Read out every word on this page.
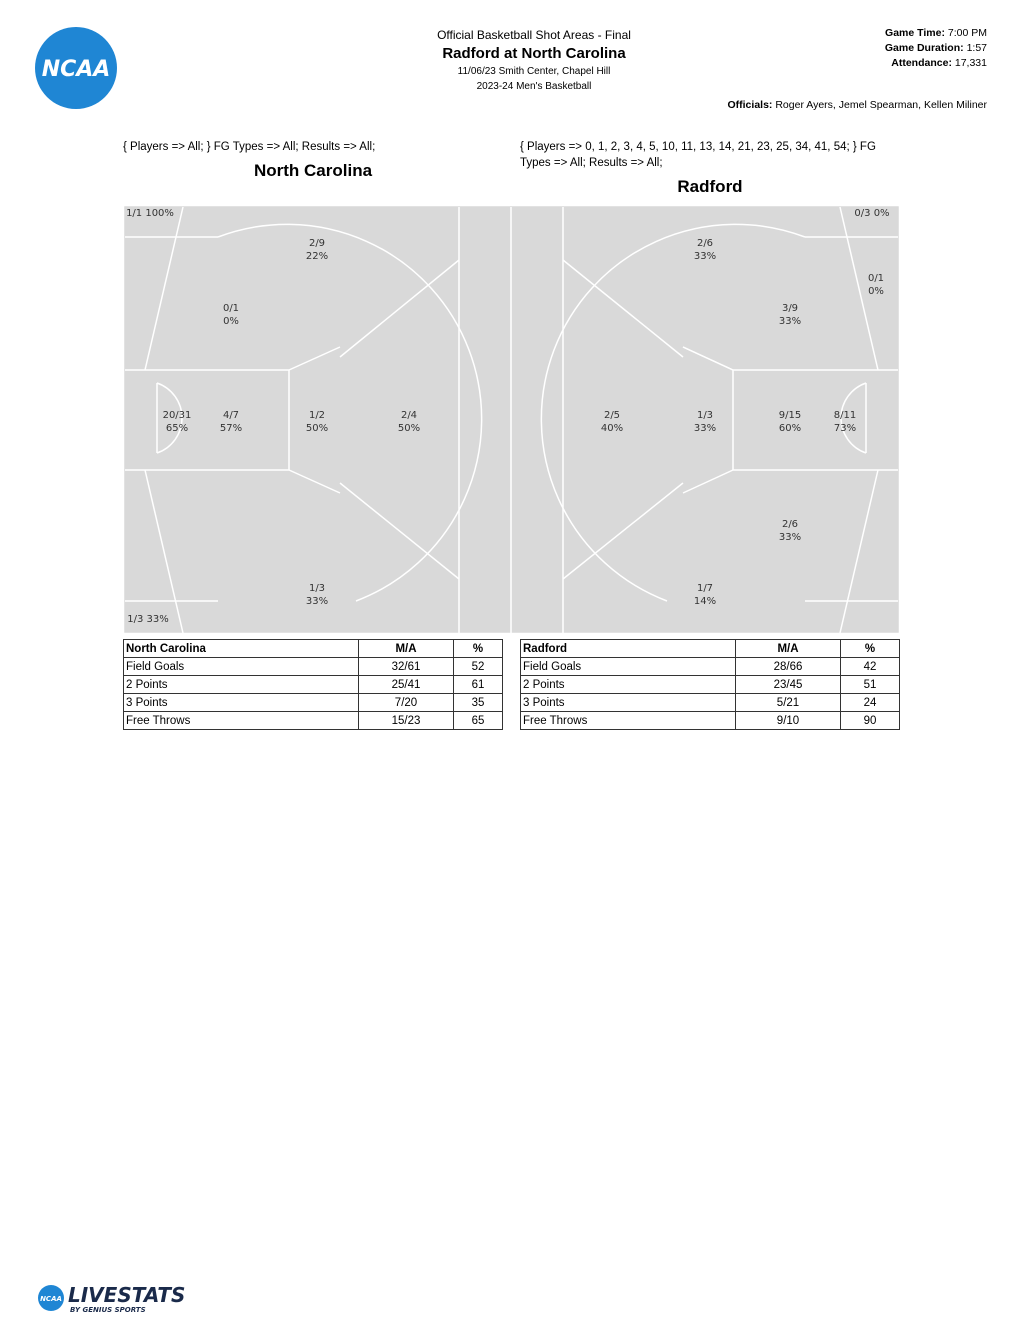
NCAA
Official Basketball Shot Areas - Final
Radford at North Carolina
11/06/23 Smith Center, Chapel Hill
2023-24 Men's Basketball
Game Time: 7:00 PM
Game Duration: 1:57
Attendance: 17,331
Officials: Roger Ayers, Jemel Spearman, Kellen Miliner
{ Players => All; } FG Types => All; Results => All;	{ Players => 0, 1, 2, 3, 4, 5, 10, 11, 13, 14, 21, 23, 25, 34, 41, 54; } FG Types => All; Results => All;
North Carolina
Radford
1/1 100%
1/3 33%
2/9
22%
0/1
0%
20/31
65%
4/7
57%
1/2
50%
2/4
50%
1/3
33%
0/3 0%
2/6
33%
0/1
0%
3/9
33%
2/5
40%
1/3
33%
9/15
60%
8/11
73%
2/6
33%
1/7
14%
North Carolina	M/A	%
Field Goals	32/61	52
2 Points	25/41	61
3 Points	7/20	35
Free Throws	15/23	65
Radford	M/A	%
Field Goals	28/66	42
2 Points	23/45	51
3 Points	5/21	24
Free Throws	9/10	90
NCAA LIVESTATS
BY GENIUS SPORTS
